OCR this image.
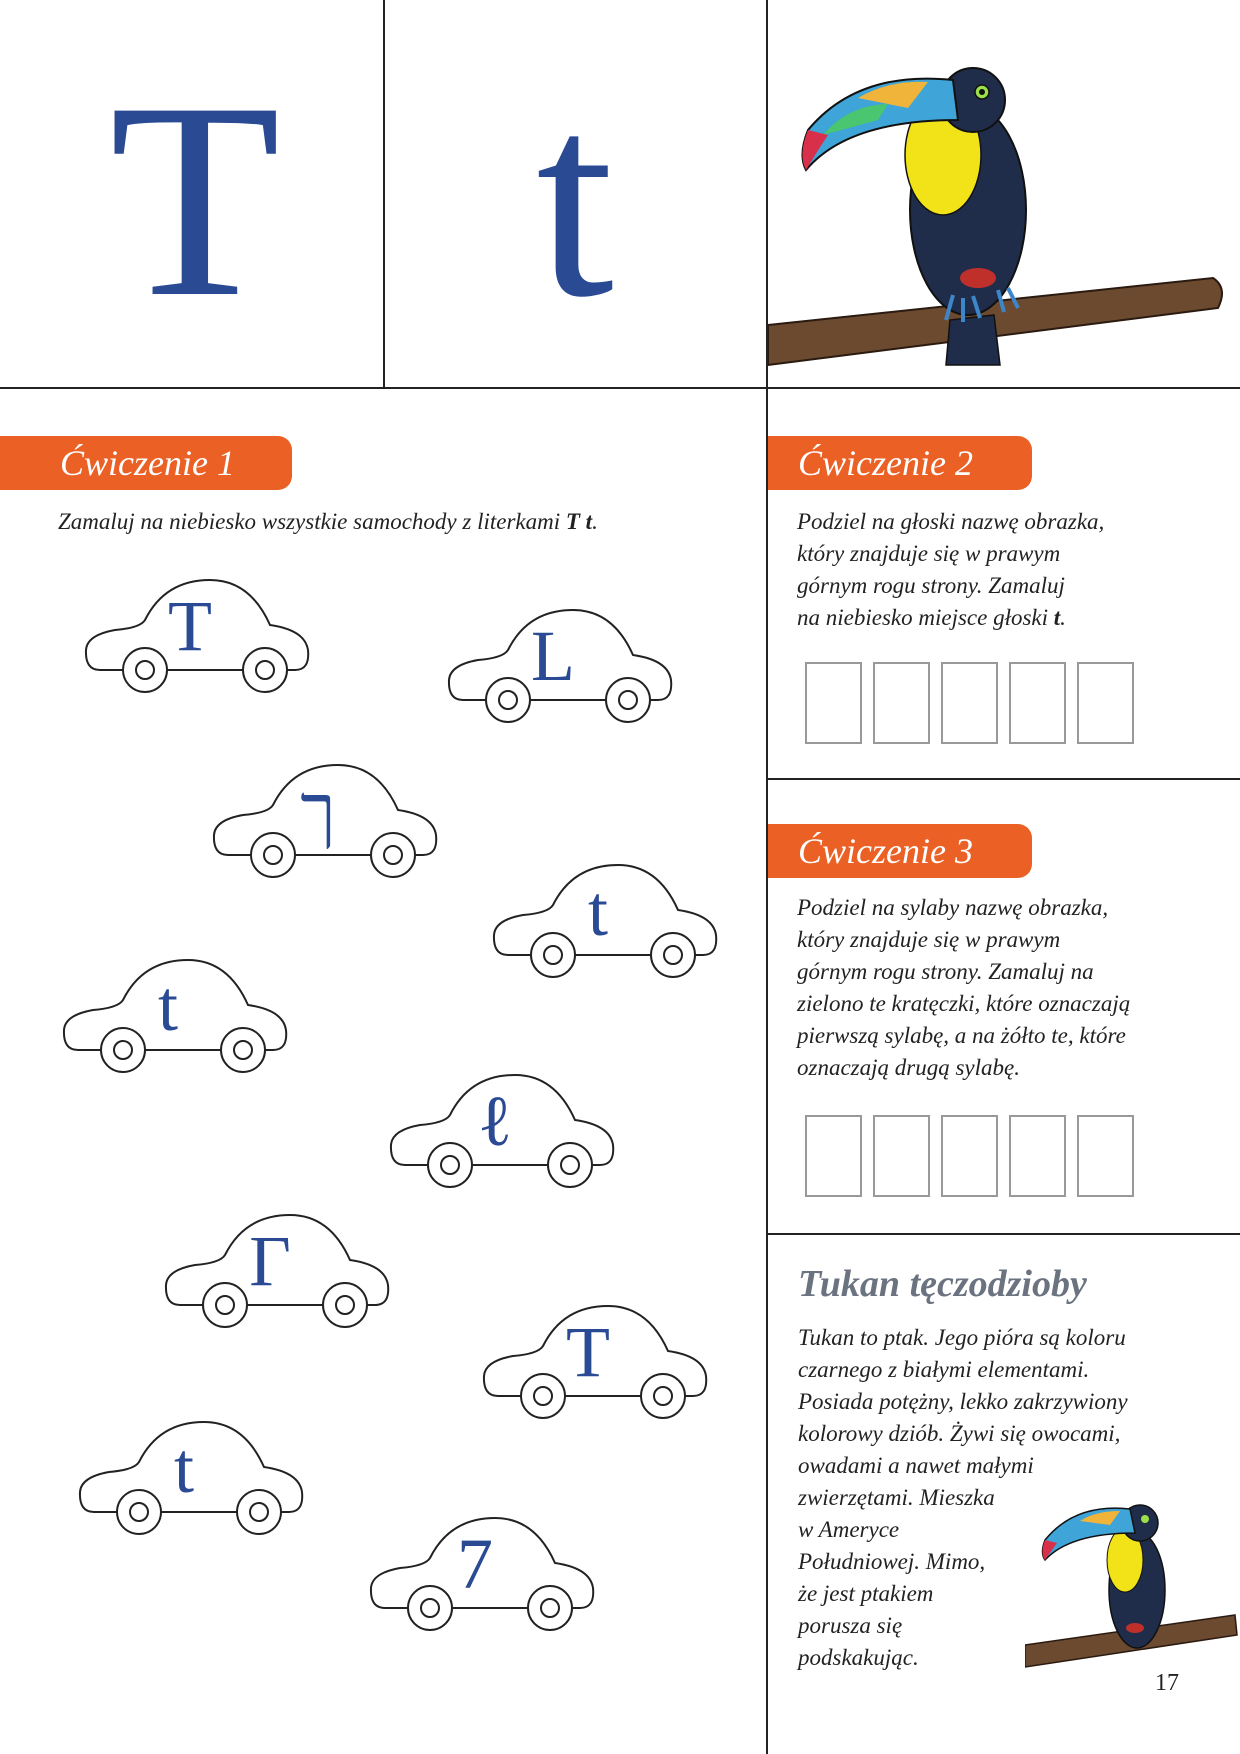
T t
Ćwiczenie 1

Zamaluj na niebiesko wszystkie samochody z literkami T t.

T	L
ך
t
t
ℓ
Г
T
t
7
Ćwiczenie 2

Podziel na głoski nazwę obrazka,
który znajduje się w prawym
górnym rogu strony. Zamaluj
na niebiesko miejsce głoski t.

Ćwiczenie 3

Podziel na sylaby nazwę obrazka,
który znajduje się w prawym
górnym rogu strony. Zamaluj na
zielono te kratęczki, które oznaczają
pierwszą sylabę, a na żółto te, które
oznaczają drugą sylabę.

Tukan tęczodzioby

Tukan to ptak. Jego pióra są koloru
czarnego z białymi elementami.
Posiada potężny, lekko zakrzywiony
kolorowy dziób. Żywi się owocami,
owadami a nawet małymi
zwierzętami. Mieszka
w Ameryce
Południowej. Mimo,
że jest ptakiem
porusza się
podskakując.

17
